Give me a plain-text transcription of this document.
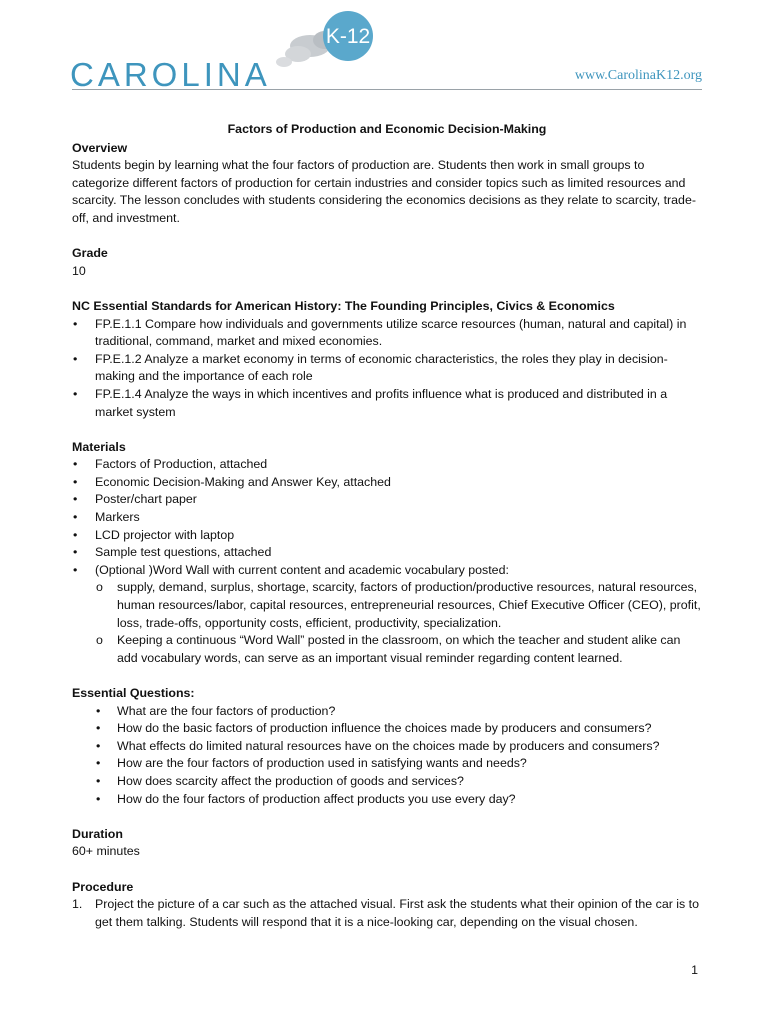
K-12
CAROLINA	www.CarolinaK12.org

Factors of Production and Economic Decision-Making

Overview

Students begin by learning what the four factors of production are. Students then work in small groups to categorize different factors of production for certain industries and consider topics such as limited resources and scarcity. The lesson concludes with students considering the economics decisions as they relate to scarcity, trade-off, and investment.

Grade

10

NC Essential Standards for American History: The Founding Principles, Civics & Economics

• FP.E.1.1 Compare how individuals and governments utilize scarce resources (human, natural and capital) in traditional, command, market and mixed economies.
• FP.E.1.2 Analyze a market economy in terms of economic characteristics, the roles they play in decision-making and the importance of each role
• FP.E.1.4 Analyze the ways in which incentives and profits influence what is produced and distributed in a market system

Materials

• Factors of Production, attached
• Economic Decision-Making and Answer Key, attached
• Poster/chart paper
• Markers
• LCD projector with laptop
• Sample test questions, attached
• (Optional )Word Wall with current content and academic vocabulary posted:
o supply, demand, surplus, shortage, scarcity, factors of production/productive resources, natural resources, human resources/labor, capital resources, entrepreneurial resources, Chief Executive Officer (CEO), profit, loss, trade-offs, opportunity costs, efficient, productivity, specialization.
o Keeping a continuous “Word Wall” posted in the classroom, on which the teacher and student alike can add vocabulary words, can serve as an important visual reminder regarding content learned.

Essential Questions:

• What are the four factors of production?
• How do the basic factors of production influence the choices made by producers and consumers?
• What effects do limited natural resources have on the choices made by producers and consumers?
• How are the four factors of production used in satisfying wants and needs?
• How does scarcity affect the production of goods and services?
• How do the four factors of production affect products you use every day?

Duration

60+ minutes

Procedure

1. Project the picture of a car such as the attached visual. First ask the students what their opinion of the car is to get them talking. Students will respond that it is a nice-looking car, depending on the visual chosen.
1
